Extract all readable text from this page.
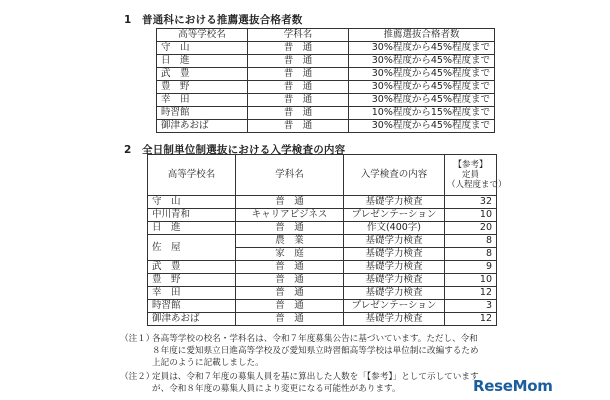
1 普通科における推薦選抜合格者数
高等学校名	学科名	推薦選抜合格者数
守　山	普　通	30%程度から45%程度まで
日　進	普　通	30%程度から45%程度まで
武　豊	普　通	30%程度から45%程度まで
豊　野	普　通	30%程度から45%程度まで
幸　田	普　通	30%程度から45%程度まで
時習館	普　通	10%程度から15%程度まで
御津あおば	普　通	30%程度から45%程度まで
2 全日制単位制選抜における入学検査の内容
高等学校名	学科名	入学検査の内容	【参考】
定員
（人程度まで）

守　山	普　通	基礎学力検査	32
中川青和	キャリアビジネス	プレゼンテーション	10
日　進	普　通	作文(400字)	20
佐　屋	農　業	基礎学力検査	8
	家　庭	基礎学力検査	8
武　豊	普　通	基礎学力検査	9
豊　野	普　通	基礎学力検査	10
幸　田	普　通	基礎学力検査	12
時習館	普　通	プレゼンテーション	3
御津あおば	普　通	基礎学力検査	12
（注１）
各高等学校の校名・学科名は、令和７年度募集公告に基づいています。ただし、令和８年度に愛知県立日進高等学校及び愛知県立時習館高等学校は単位制に改編するため上記のように記載しました。
（注２）
定員は、令和７年度の募集人員を基に算出した人数を「【参考】」として示していますが、令和８年度の募集人員により変更になる可能性があります。	ReseMom
